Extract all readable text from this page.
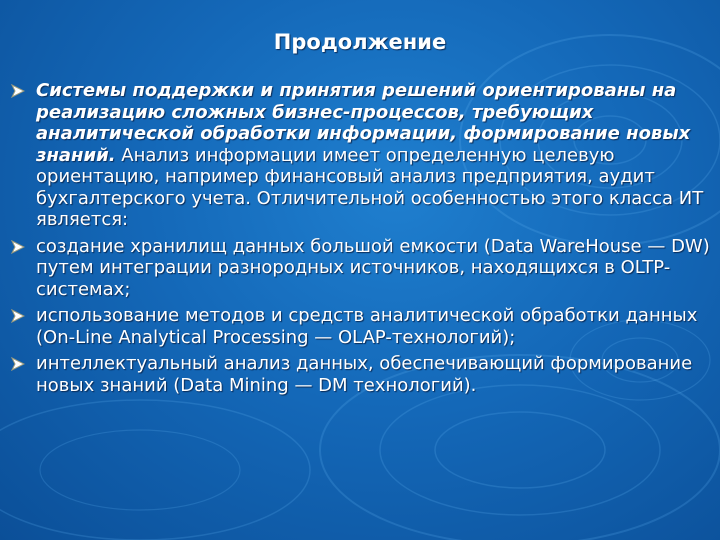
Продолжение
Системы поддержки и принятия решений ориентированы на реализацию сложных бизнес-процессов, требующих аналитической обработки информации, формирование новых знаний. Анализ информации имеет определенную целевую ориентацию, например финансовый анализ предприятия, аудит бухгалтерского учета. Отличительной особенностью этого класса ИТ является:
создание хранилищ данных большой емкости (Data WareHouse — DW) путем интеграции разнородных источников, находящихся в OLTP-системах;
использование методов и средств аналитической обработки данных (On-Line Analytical Processing — OLAP-технологий);
интеллектуальный анализ данных, обеспечивающий формирование новых знаний (Data Mining — DM технологий).
